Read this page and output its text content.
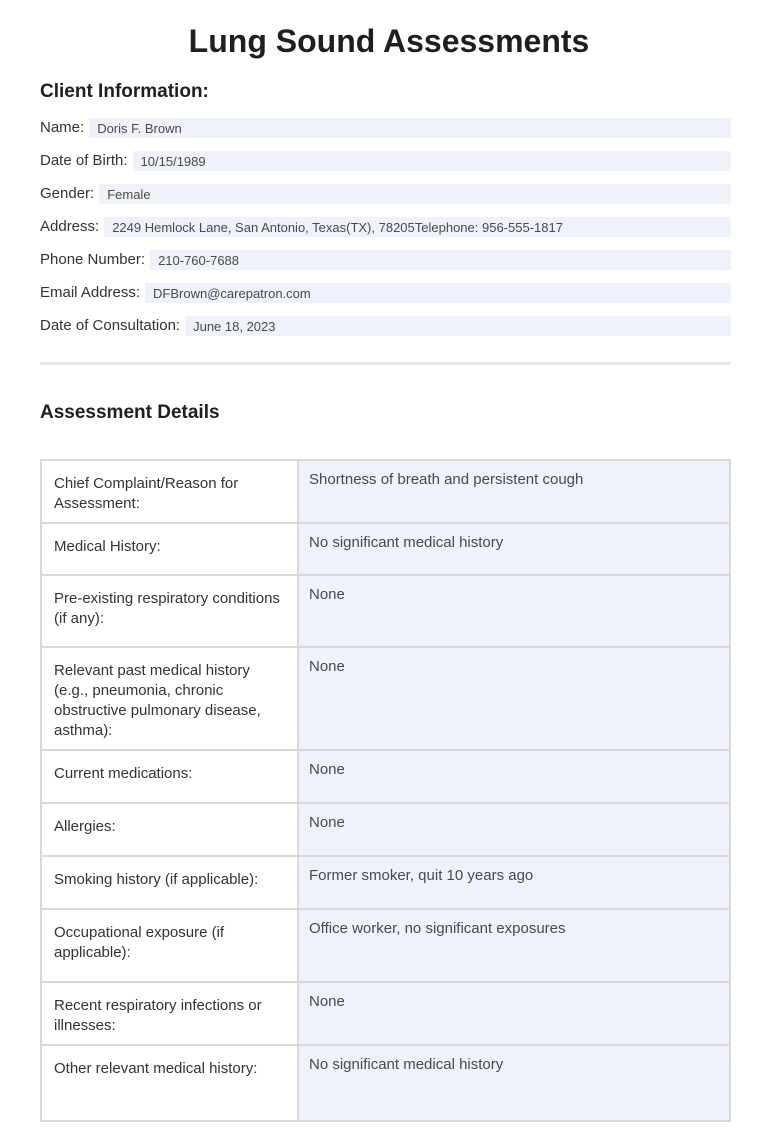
Lung Sound Assessments
Client Information:
Name:	Doris F. Brown
Date of Birth:	10/15/1989
Gender:	Female
Address:	2249 Hemlock Lane, San Antonio, Texas(TX), 78205Telephone: 956-555-1817
Phone Number:	210-760-7688
Email Address:	DFBrown@carepatron.com
Date of Consultation:	June 18, 2023
Assessment Details
Chief Complaint/Reason for Assessment:	Shortness of breath and persistent cough
Medical History:	No significant medical history
Pre-existing respiratory conditions (if any):	None
Relevant past medical history (e.g., pneumonia, chronic obstructive pulmonary disease, asthma):	None
Current medications:	None
Allergies:	None
Smoking history (if applicable):	Former smoker, quit 10 years ago
Occupational exposure (if applicable):	Office worker, no significant exposures
Recent respiratory infections or illnesses:	None
Other relevant medical history:	No significant medical history
